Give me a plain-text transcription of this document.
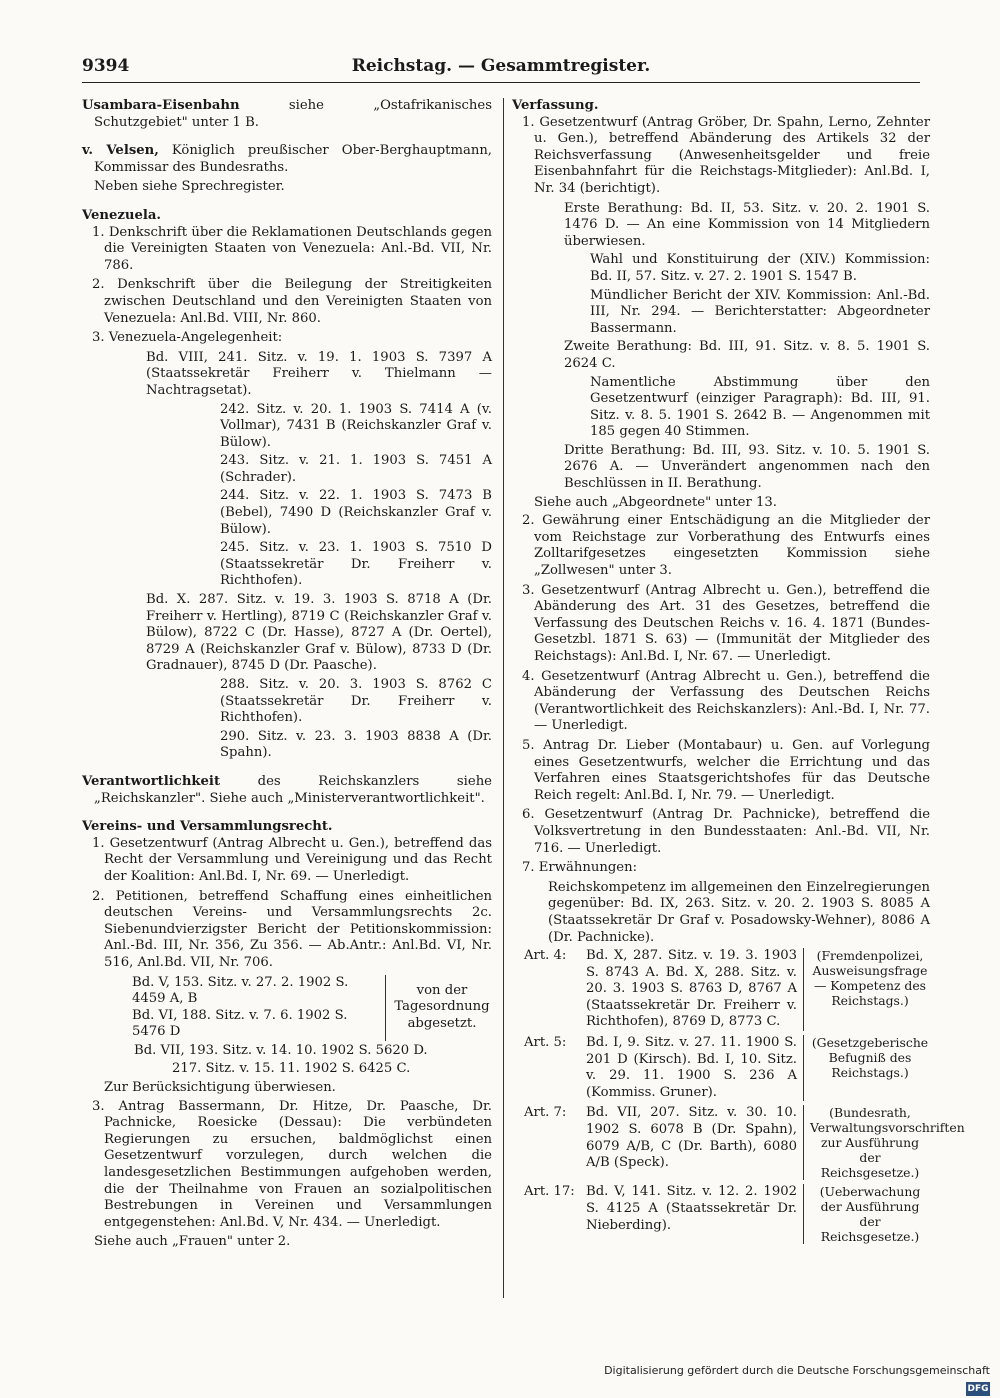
9394	Reichstag. — Gesammtregister.

Usambara-Eisenbahn	siehe „Ostafrikanisches Schutzgebiet" unter 1 B.

v. Velsen, Königlich preußischer Ober-Berghauptmann, Kommissar des Bundesraths.

Neben siehe Sprechregister.

Venezuela.

1. Denkschrift über die Reklamationen Deutschlands gegen die Vereinigten Staaten von Venezuela: Anl.-Bd. VII, Nr. 786.

2. Denkschrift über die Beilegung der Streitigkeiten zwischen Deutschland und den Vereinigten Staaten von Venezuela: Anl.Bd. VIII, Nr. 860.

3. Venezuela-Angelegenheit:

Bd. VIII, 241. Sitz. v. 19. 1. 1903 S. 7397 A (Staatssekretär Freiherr v. Thielmann — Nachtragsetat).

242. Sitz. v. 20. 1. 1903 S. 7414 A (v. Vollmar), 7431 B (Reichskanzler Graf v. Bülow).

243. Sitz. v. 21. 1. 1903 S. 7451 A (Schrader).

244. Sitz. v. 22. 1. 1903 S. 7473 B (Bebel), 7490 D (Reichskanzler Graf v. Bülow).

245. Sitz. v. 23. 1. 1903 S. 7510 D (Staatssekretär Dr. Freiherr v. Richthofen).

Bd. X. 287. Sitz. v. 19. 3. 1903 S. 8718 A (Dr. Freiherr v. Hertling), 8719 C (Reichskanzler Graf v. Bülow), 8722 C (Dr. Hasse), 8727 A (Dr. Oertel), 8729 A (Reichskanzler Graf v. Bülow), 8733 D (Dr. Gradnauer), 8745 D (Dr. Paasche).

288. Sitz. v. 20. 3. 1903 S. 8762 C (Staatssekretär Dr. Freiherr v. Richthofen).

290. Sitz. v. 23. 3. 1903 8838 A (Dr. Spahn).

Verantwortlichkeit	des Reichskanzlers siehe „Reichskanzler". Siehe auch „Ministerverantwortlichkeit".

Vereins- und Versammlungsrecht.

1. Gesetzentwurf (Antrag Albrecht u. Gen.), betreffend das Recht der Versammlung und Vereinigung und das Recht der Koalition: Anl.Bd. I, Nr. 69. — Unerledigt.

2. Petitionen, betreffend Schaffung eines einheitlichen deutschen Vereins- und Versammlungsrechts 2c. Siebenundvierzigster Bericht der Petitionskommission: Anl.-Bd. III, Nr. 356, Zu 356. — Ab.Antr.: Anl.Bd. VI, Nr. 516, Anl.Bd. VII, Nr. 706.

Bd. V, 153. Sitz. v. 27. 2. 1902 S. 4459 A, B
Bd. VI, 188. Sitz. v. 7. 6. 1902 S. 5476 D
von der Tagesordnung abgesetzt.

Bd. VII, 193. Sitz. v. 14. 10. 1902 S. 5620 D.

217. Sitz. v. 15. 11. 1902 S. 6425 C.

Zur Berücksichtigung überwiesen.

3. Antrag Bassermann, Dr. Hitze, Dr. Paasche, Dr. Pachnicke, Roesicke (Dessau): Die verbündeten Regierungen zu ersuchen, baldmöglichst einen Gesetzentwurf vorzulegen, durch welchen die landesgesetzlichen Bestimmungen aufgehoben werden, die der Theilnahme von Frauen an sozialpolitischen Bestrebungen in Vereinen und Versammlungen entgegenstehen: Anl.Bd. V, Nr. 434. — Unerledigt.

Siehe auch „Frauen" unter 2.

Verfassung.

1. Gesetzentwurf (Antrag Gröber, Dr. Spahn, Lerno, Zehnter u. Gen.), betreffend Abänderung des Artikels 32 der Reichsverfassung (Anwesenheitsgelder und freie Eisenbahnfahrt für die Reichstags-Mitglieder): Anl.Bd. I, Nr. 34 (berichtigt).

Erste Berathung: Bd. II, 53. Sitz. v. 20. 2. 1901 S. 1476 D. — An eine Kommission von 14 Mitgliedern überwiesen.

Wahl und Konstituirung der (XIV.) Kommission: Bd. II, 57. Sitz. v. 27. 2. 1901 S. 1547 B.

Mündlicher Bericht der XIV. Kommission: Anl.-Bd. III, Nr. 294. — Berichterstatter: Abgeordneter Bassermann.

Zweite Berathung: Bd. III, 91. Sitz. v. 8. 5. 1901 S. 2624 C.

Namentliche Abstimmung über den Gesetzentwurf (einziger Paragraph): Bd. III, 91. Sitz. v. 8. 5. 1901 S. 2642 B. — Angenommen mit 185 gegen 40 Stimmen.

Dritte Berathung: Bd. III, 93. Sitz. v. 10. 5. 1901 S. 2676 A. — Unverändert angenommen nach den Beschlüssen in II. Berathung.

Siehe auch „Abgeordnete" unter 13.

2. Gewährung einer Entschädigung an die Mitglieder der vom Reichstage zur Vorberathung des Entwurfs eines Zolltarifgesetzes eingesetzten Kommission siehe „Zollwesen" unter 3.

3. Gesetzentwurf (Antrag Albrecht u. Gen.), betreffend die Abänderung des Art. 31 des Gesetzes, betreffend die Verfassung des Deutschen Reichs v. 16. 4. 1871 (Bundes-Gesetzbl. 1871 S. 63) — (Immunität der Mitglieder des Reichstags): Anl.Bd. I, Nr. 67. — Unerledigt.

4. Gesetzentwurf (Antrag Albrecht u. Gen.), betreffend die Abänderung der Verfassung des Deutschen Reichs (Verantwortlichkeit des Reichskanzlers): Anl.-Bd. I, Nr. 77. — Unerledigt.

5. Antrag Dr. Lieber (Montabaur) u. Gen. auf Vorlegung eines Gesetzentwurfs, welcher die Errichtung und das Verfahren eines Staatsgerichtshofes für das Deutsche Reich regelt: Anl.Bd. I, Nr. 79. — Unerledigt.

6. Gesetzentwurf (Antrag Dr. Pachnicke), betreffend die Volksvertretung in den Bundesstaaten: Anl.-Bd. VII, Nr. 716. — Unerledigt.

7. Erwähnungen:

Reichskompetenz im allgemeinen den Einzelregierungen gegenüber: Bd. IX, 263. Sitz. v. 20. 2. 1903 S. 8085 A (Staatssekretär Dr Graf v. Posadowsky-Wehner), 8086 A (Dr. Pachnicke).

Art. 4:	Bd. X, 287. Sitz. v. 19. 3. 1903 S. 8743 A. Bd. X, 288. Sitz. v. 20. 3. 1903 S. 8763 D, 8767 A (Staatssekretär Dr. Freiherr v. Richthofen), 8769 D, 8773 C.
(Fremdenpolizei, Ausweisungsfrage — Kompetenz des Reichstags.)
Art. 5:	Bd. I, 9. Sitz. v. 27. 11. 1900 S. 201 D (Kirsch). Bd. I, 10. Sitz. v. 29. 11. 1900 S. 236 A (Kommiss. Gruner).
(Gesetzgeberische Befugniß des Reichstags.)
Art. 7:	Bd. VII, 207. Sitz. v. 30. 10. 1902 S. 6078 B (Dr. Spahn), 6079 A/B, C (Dr. Barth), 6080 A/B (Speck).
(Bundesrath, Verwaltungsvorschriften zur Ausführung der Reichsgesetze.)
Art. 17: Bd. V, 141. Sitz. v. 12. 2. 1902 S. 4125 A (Staatssekretär Dr. Nieberding).
(Ueberwachung der Ausführung der Reichsgesetze.)
Digitalisierung gefördert durch die Deutsche Forschungsgemeinschaft DFG
